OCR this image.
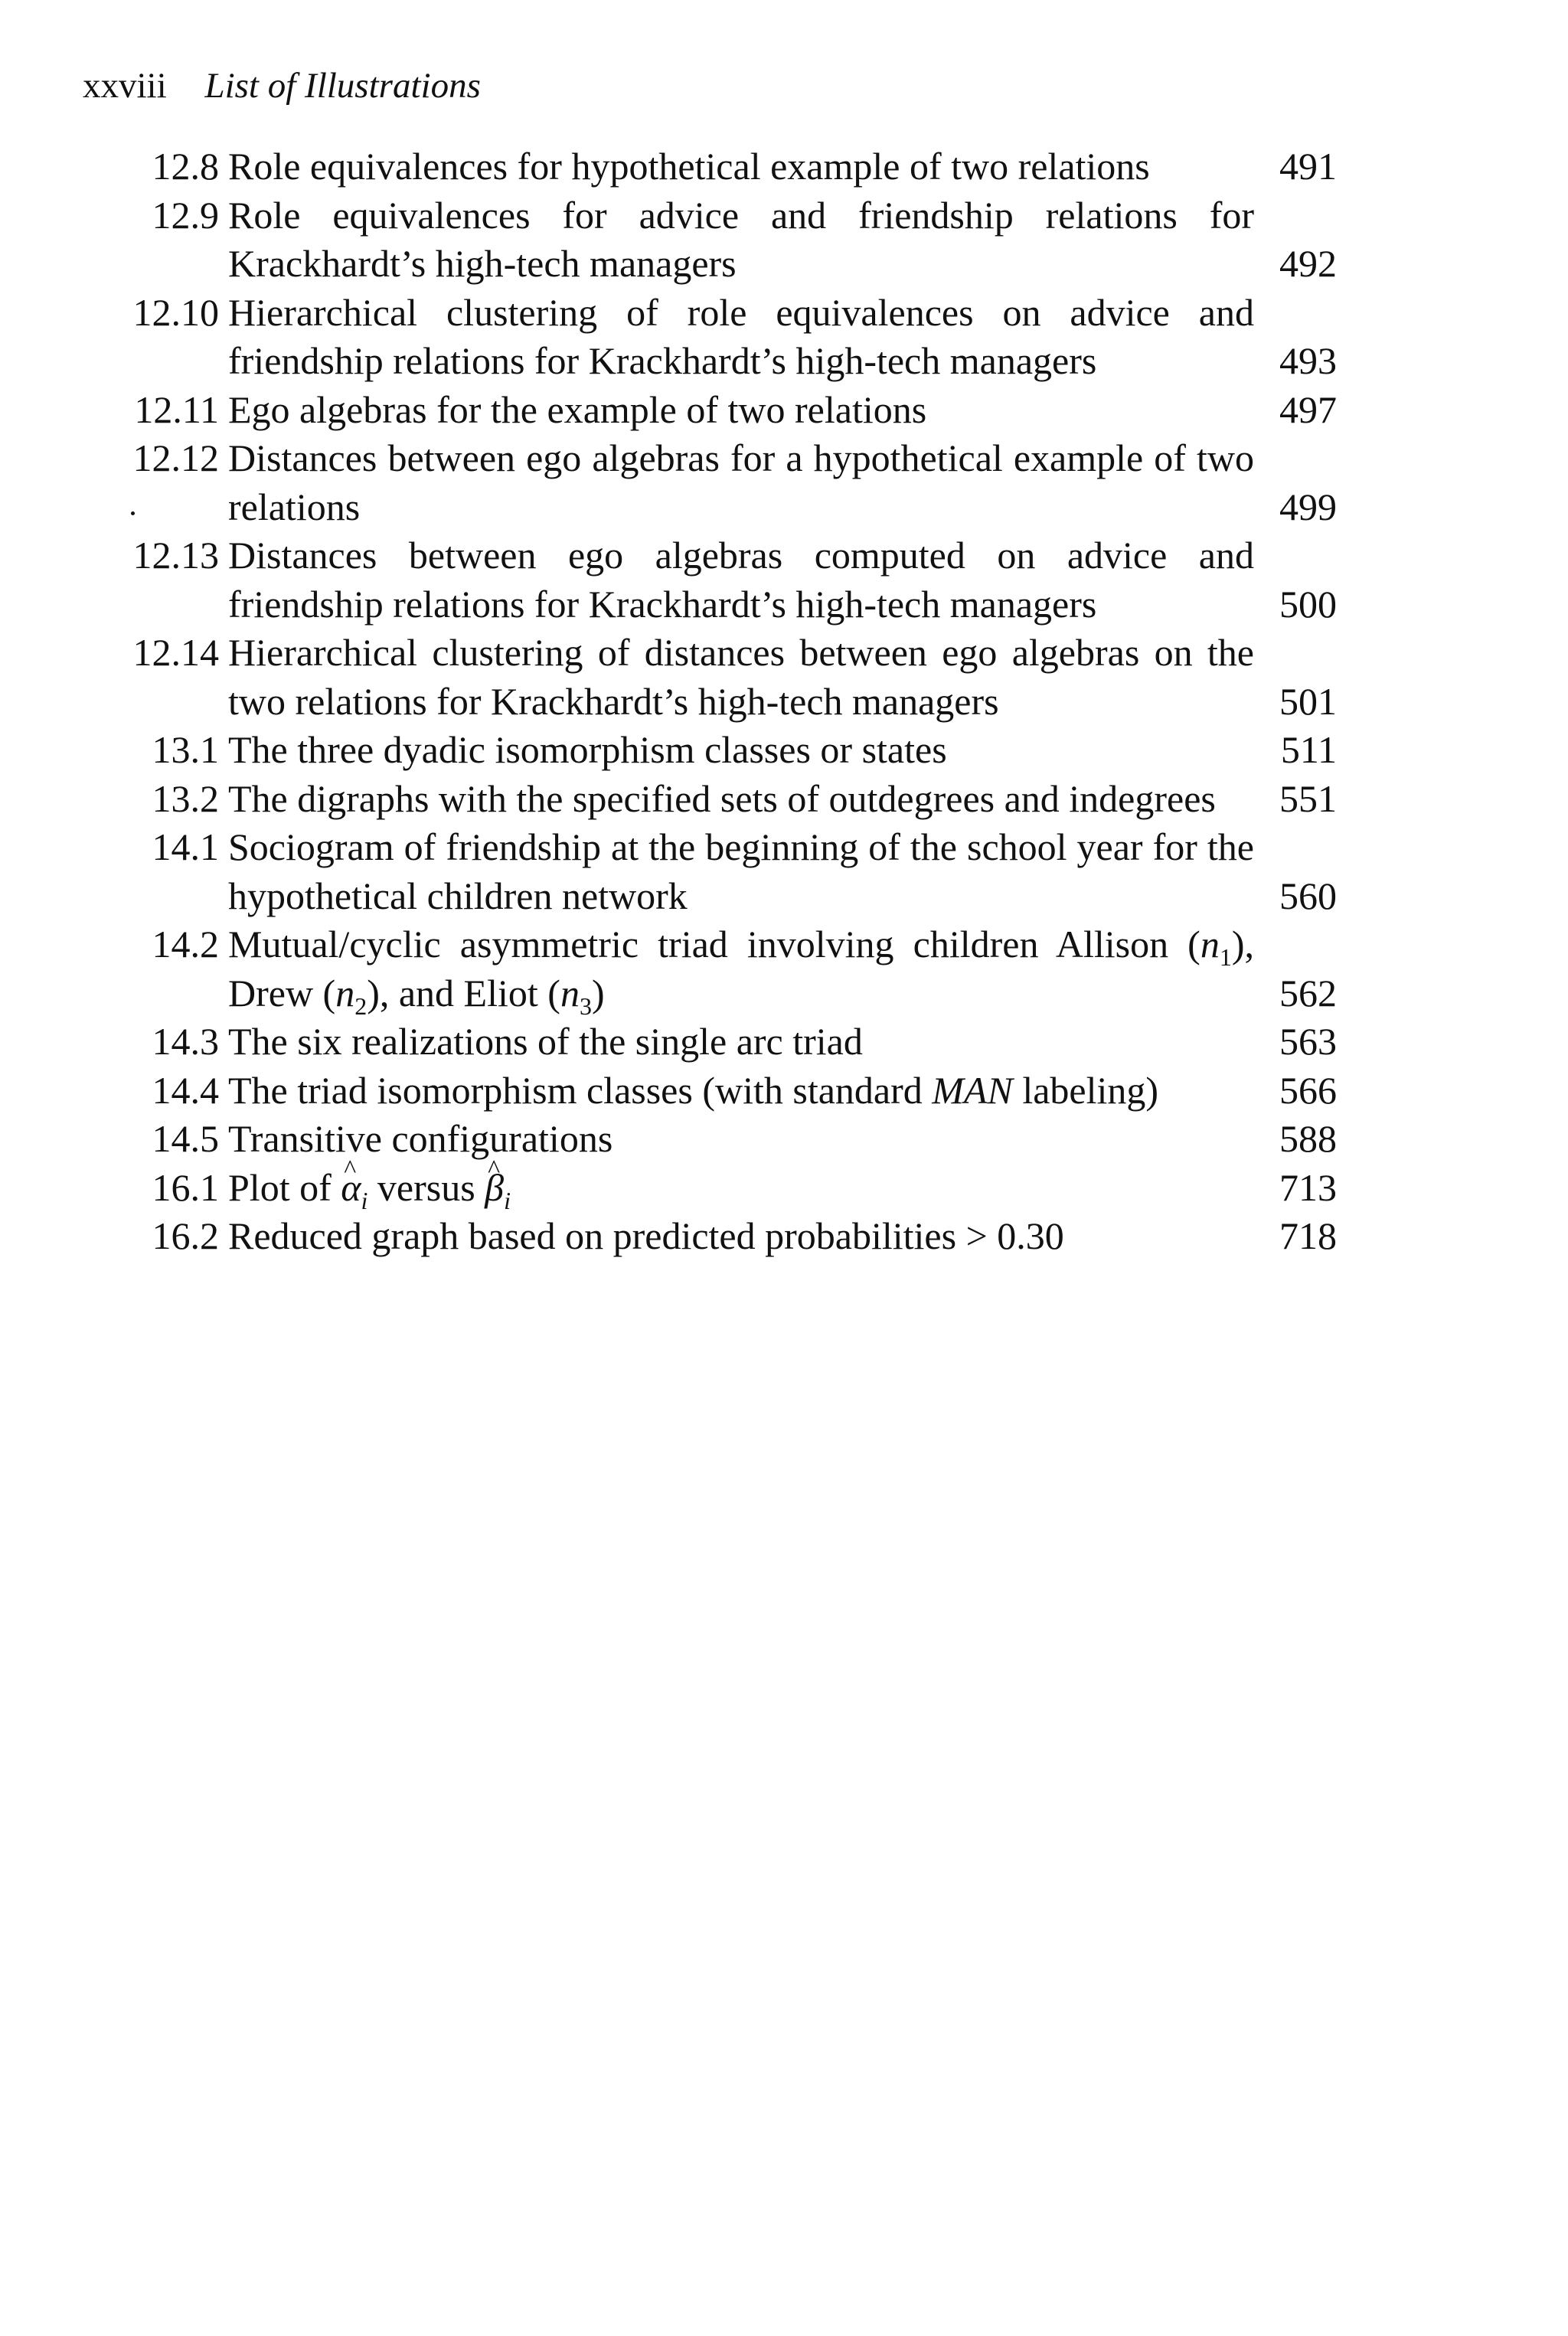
xxviii List of Illustrations
12.8 Role equivalences for hypothetical example of two relations	491
12.9 Role equivalences for advice and friendship relations for Krackhardt’s high-tech managers	492
12.10 Hierarchical clustering of role equivalences on advice and friendship relations for Krackhardt’s high-tech managers	493
12.11 Ego algebras for the example of two relations	497
12.12 Distances between ego algebras for a hypothetical example of two relations	499
12.13 Distances between ego algebras computed on advice and friendship relations for Krackhardt’s high-tech managers	500
12.14 Hierarchical clustering of distances between ego algebras on the two relations for Krackhardt’s high-tech managers	501
13.1 The three dyadic isomorphism classes or states	511
13.2 The digraphs with the specified sets of outdegrees and indegrees	551
14.1 Sociogram of friendship at the beginning of the school year for the hypothetical children network	560
14.2 Mutual/cyclic asymmetric triad involving children Allison $(n_1)$, Drew $(n_2)$, and Eliot $(n_3)$	562
14.3 The six realizations of the single arc triad	563
14.4 The triad isomorphism classes (with standard MAN labeling)	566
14.5 Transitive configurations	588
16.1 Plot of ^ $\alpha_i$ versus ^ $\beta_i$	713
16.2 Reduced graph based on predicted probabilities > 0.30	718
